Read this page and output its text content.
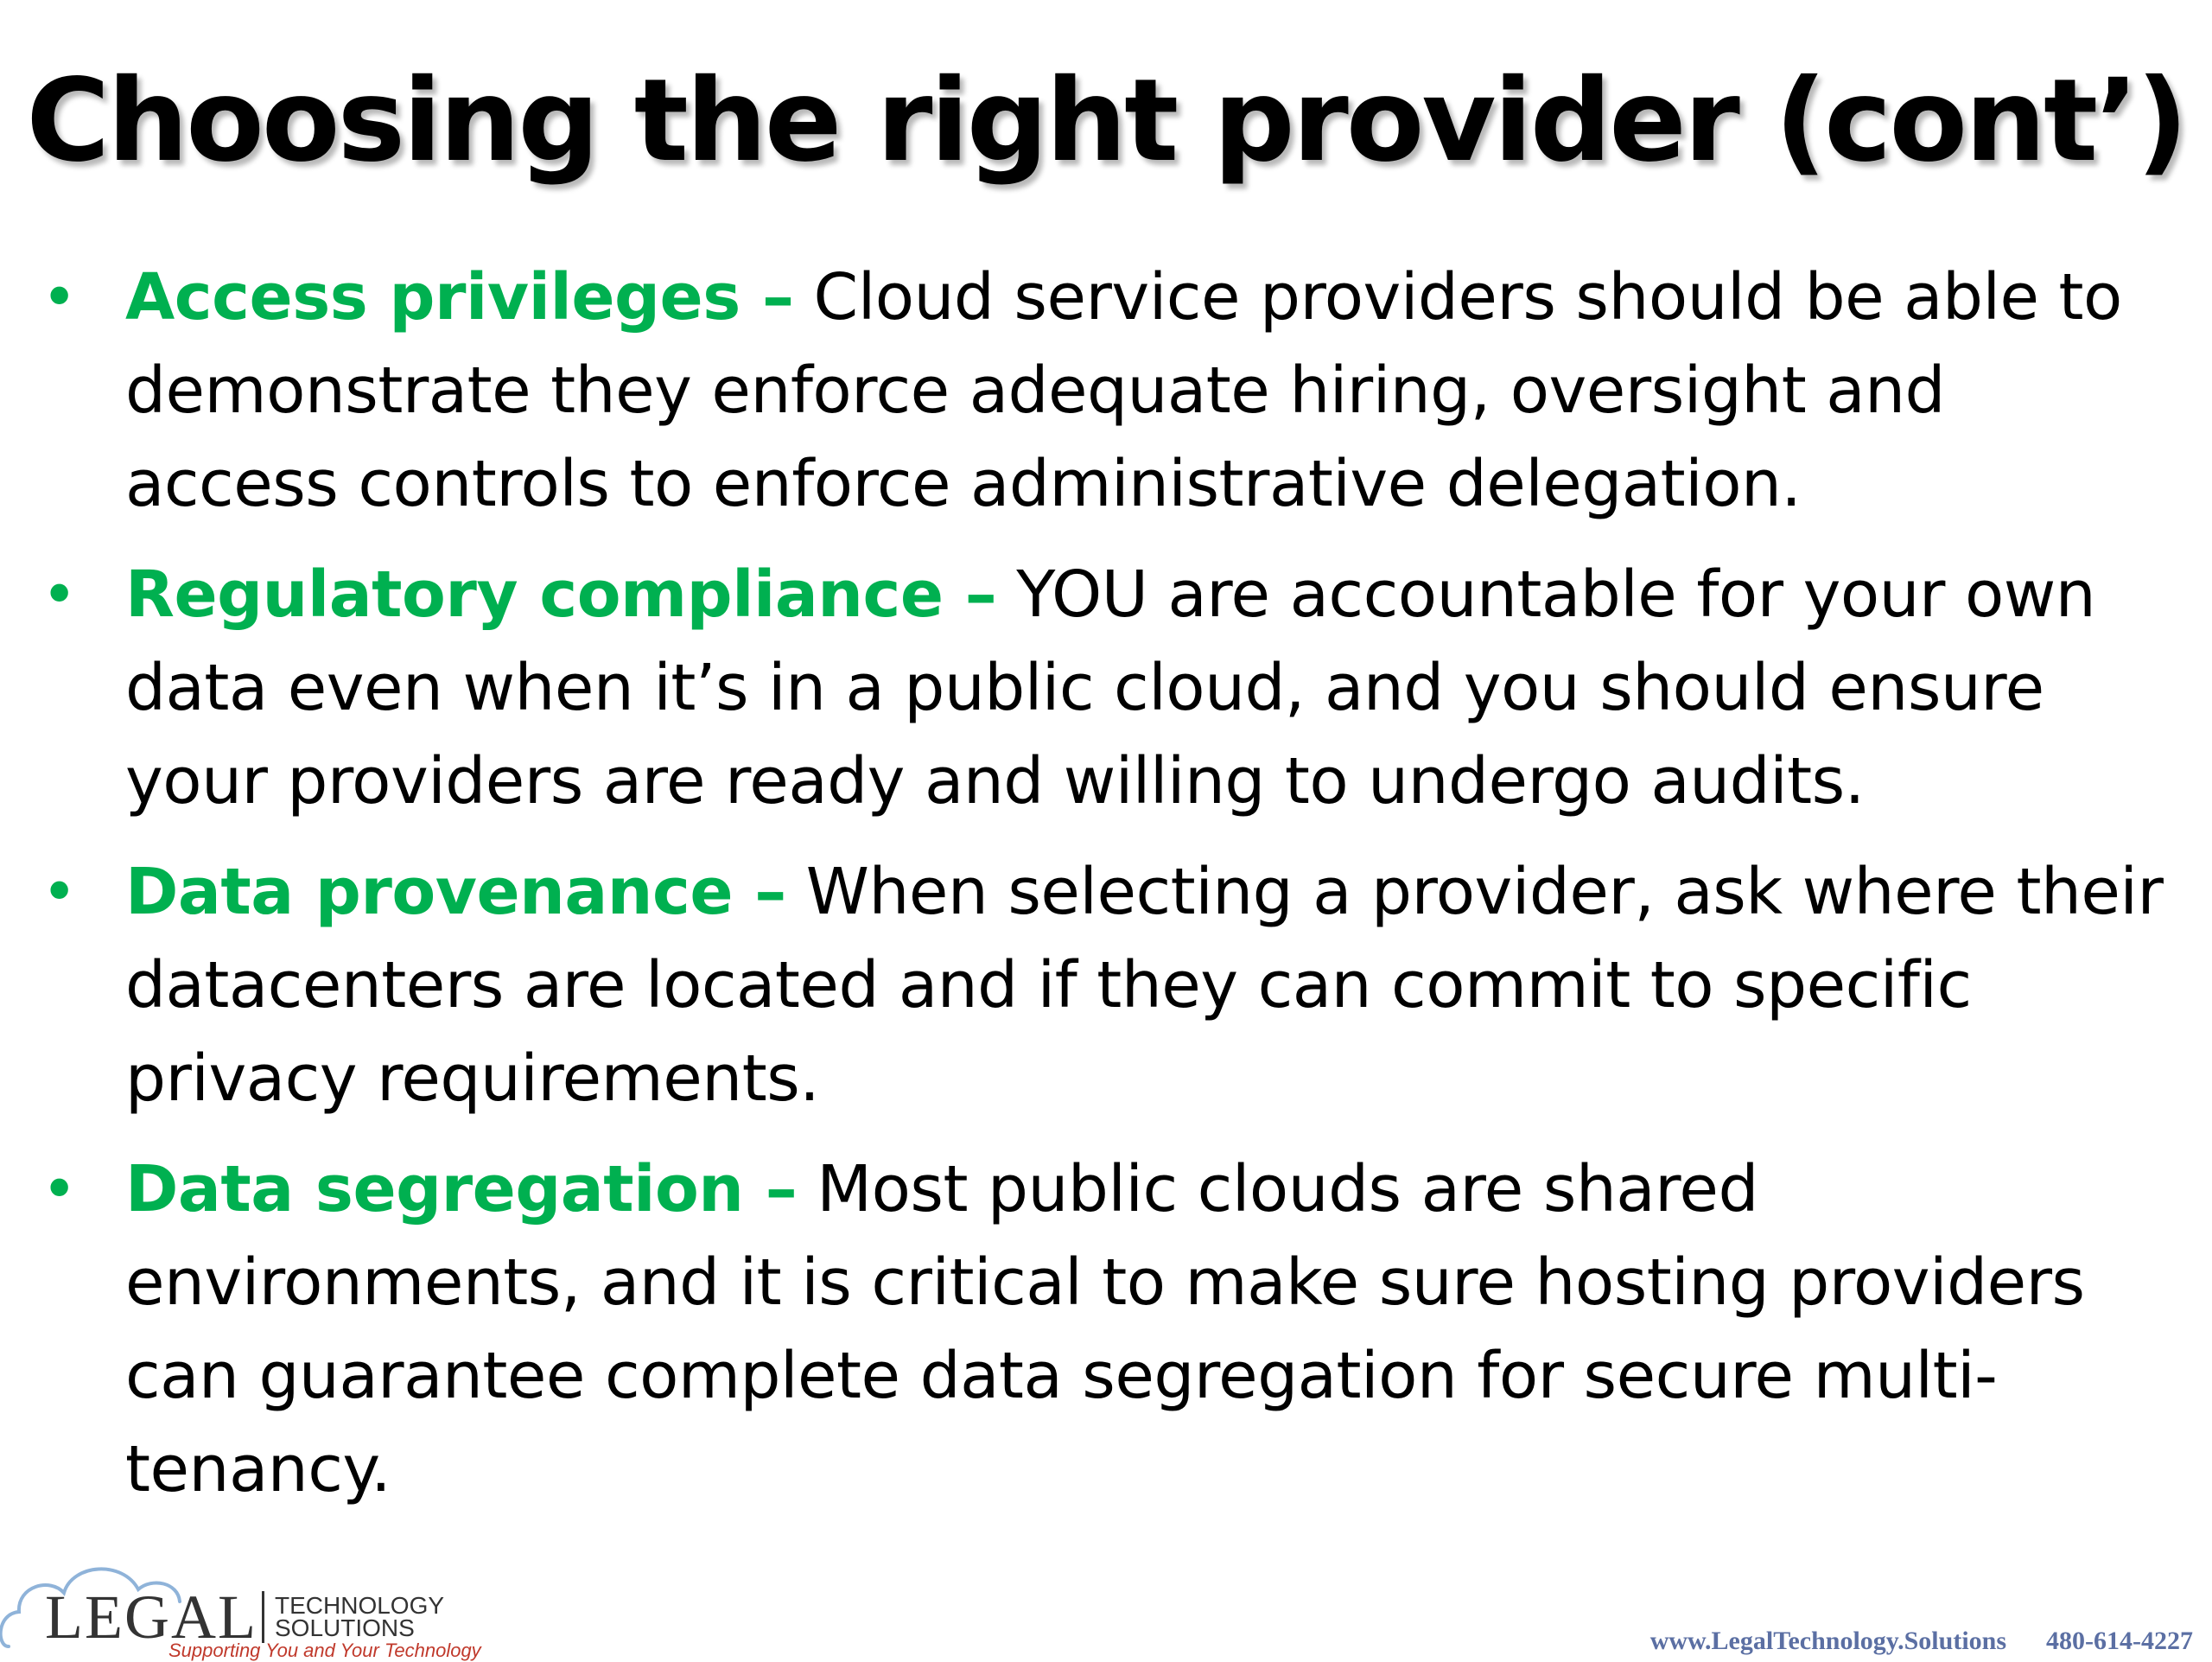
Choosing the right provider (cont’)
• Access privileges – Cloud service providers should be able to demonstrate they enforce adequate hiring, oversight and access controls to enforce administrative delegation.
• Regulatory compliance – YOU are accountable for your own data even when it’s in a public cloud, and you should ensure your providers are ready and willing to undergo audits.
• Data provenance – When selecting a provider, ask where their datacenters are located and if they can commit to specific privacy requirements.
• Data segregation – Most public clouds are shared environments, and it is critical to make sure hosting providers can guarantee complete data segregation for secure multi-tenancy.
LEGAL TECHNOLOGY
SOLUTIONS
Supporting You and Your Technology	www.LegalTechnology.Solutions 480-614-4227
